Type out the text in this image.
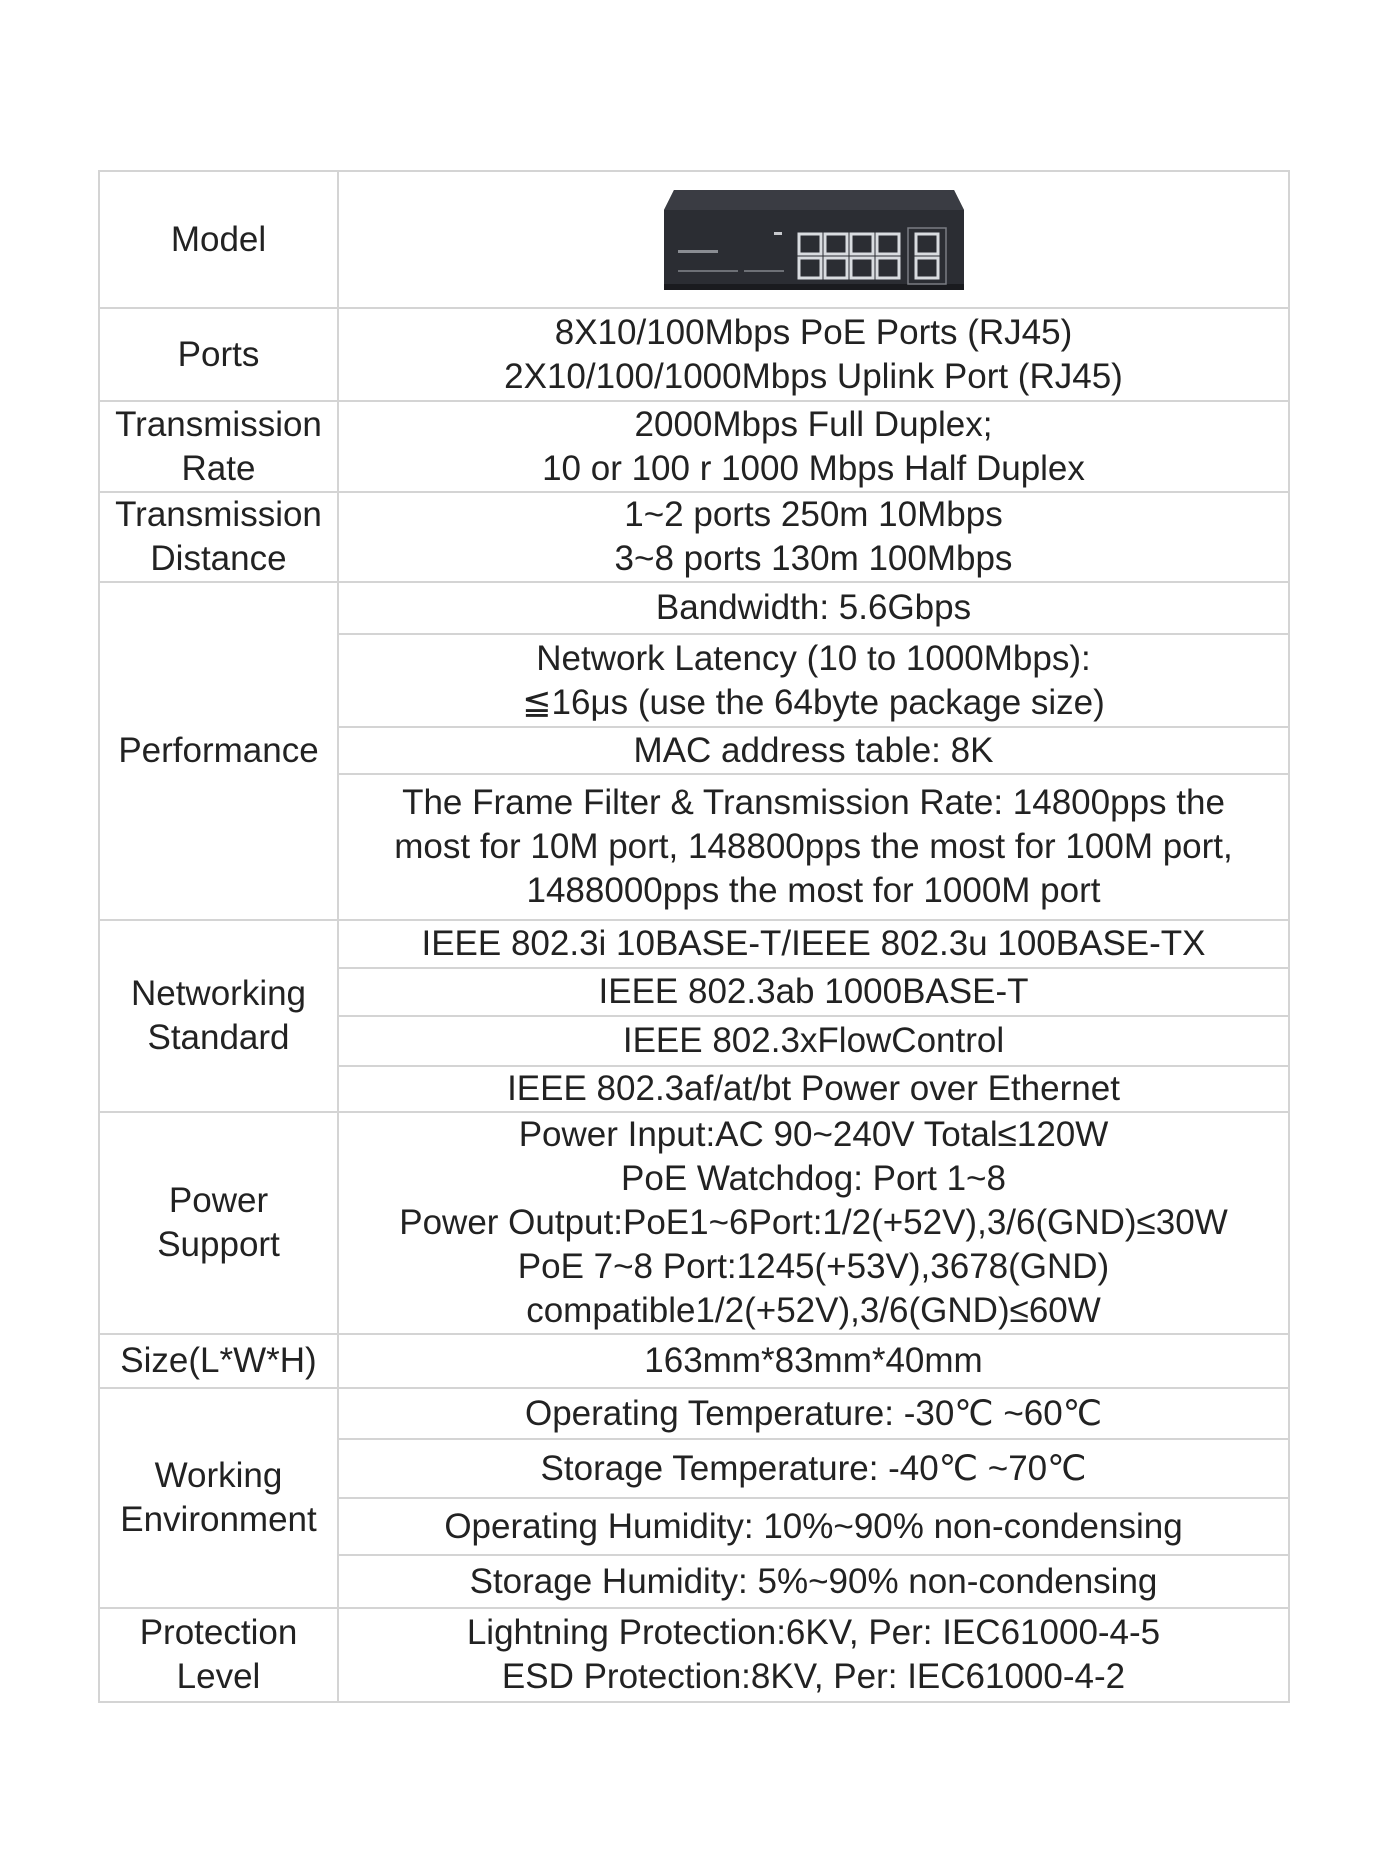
Model	

Ports	8X10/100Mbps PoE Ports (RJ45)
2X10/100/1000Mbps Uplink Port (RJ45)

Transmission
Rate	2000Mbps Full Duplex;
10 or 100 r 1000 Mbps Half Duplex

Transmission
Distance	1~2 ports 250m 10Mbps
3~8 ports 130m 100Mbps

Performance	Bandwidth: 5.6Gbps

	Network Latency (10 to 1000Mbps):
≦16μs (use the 64byte package size)

	MAC address table: 8K

	The Frame Filter & Transmission Rate: 14800pps the
most for 10M port, 148800pps the most for 100M port,
1488000pps the most for 1000M port

Networking
Standard	IEEE 802.3i 10BASE-T/IEEE 802.3u 100BASE-TX
	IEEE 802.3ab 1000BASE-T
	IEEE 802.3xFlowControl
	IEEE 802.3af/at/bt Power over Ethernet

Power
Support	Power Input:AC 90~240V Total≤120W
PoE Watchdog: Port 1~8
Power Output:PoE1~6Port:1/2(+52V),3/6(GND)≤30W
PoE 7~8 Port:1245(+53V),3678(GND)
compatible1/2(+52V),3/6(GND)≤60W

Size(L*W*H)	163mm*83mm*40mm

Working
Environment	Operating Temperature: -30℃ ~60℃
	Storage Temperature: -40℃ ~70℃
	Operating Humidity: 10%~90% non-condensing
	Storage Humidity: 5%~90% non-condensing

Protection
Level	Lightning Protection:6KV, Per: IEC61000-4-5
ESD Protection:8KV, Per: IEC61000-4-2
